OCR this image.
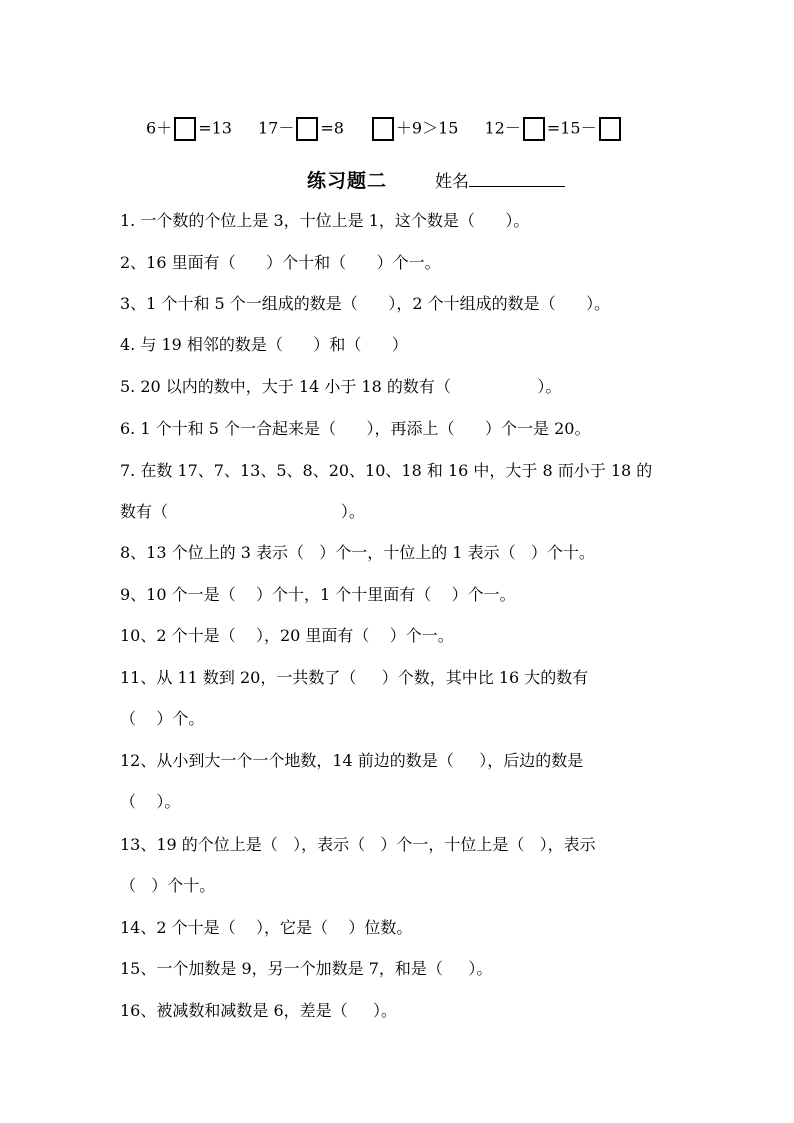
6＋ =13 17－ =8	＋9＞15 12－ =15－
练习题二	姓名
1. 一个数的个位上是 3，十位上是 1，这个数是（      ）。
2、16 里面有（      ）个十和（      ）个一。
3、1 个十和 5 个一组成的数是（      ），2 个十组成的数是（      ）。
4. 与 19 相邻的数是（      ）和（      ）
5. 20 以内的数中，大于 14 小于 18 的数有（                 ）。
6. 1 个十和 5 个一合起来是（      ），再添上（      ）个一是 20。
7. 在数 17、7、13、5、8、20、10、18 和 16 中，大于 8 而小于 18 的
数有（                                  ）。
8、13 个位上的 3 表示（   ）个一，十位上的 1 表示（   ）个十。
9、10 个一是（    ）个十，1 个十里面有（    ）个一。
10、2 个十是（    ），20 里面有（    ）个一。
11、从 11 数到 20，一共数了（     ）个数，其中比 16 大的数有
（    ）个。
12、从小到大一个一个地数，14 前边的数是（     ），后边的数是
（    ）。
13、19 的个位上是（   ），表示（   ）个一，十位上是（   ），表示
（   ）个十。
14、2 个十是（    ），它是（    ）位数。
15、一个加数是 9，另一个加数是 7，和是（     ）。
16、被减数和减数是 6，差是（     ）。
